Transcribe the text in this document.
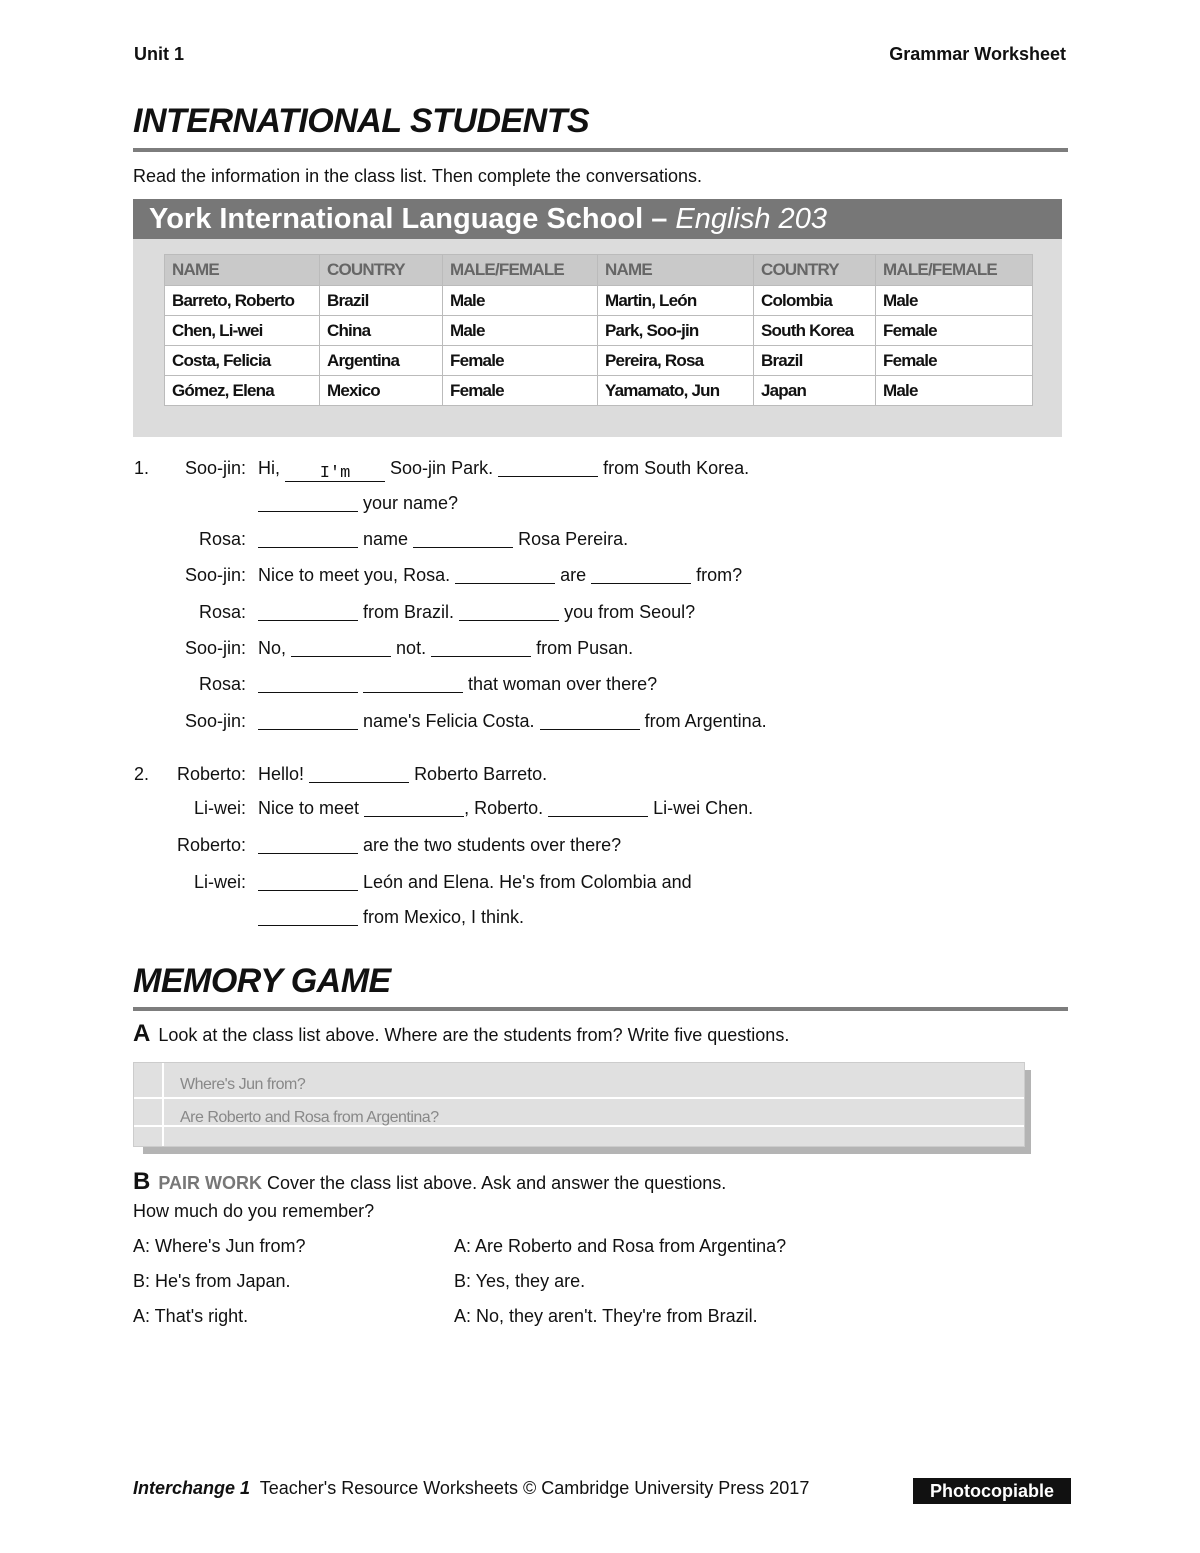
Unit 1	Grammar Worksheet
INTERNATIONAL STUDENTS
Read the information in the class list. Then complete the conversations.
York International Language School – English 203
NAME	COUNTRY	MALE/FEMALE	NAME	COUNTRY	MALE/FEMALE
Barreto, Roberto	Brazil	Male	Martin, León	Colombia	Male
Chen, Li-wei	China	Male	Park, Soo-jin	South Korea	Female
Costa, Felicia	Argentina	Female	Pereira, Rosa	Brazil	Female
Gómez, Elena	Mexico	Female	Yamamato, Jun	Japan	Male
1.	Soo-jin: Hi, I'm Soo-jin Park.	from South Korea.
your name?
Rosa:	name	Rosa Pereira.
Soo-jin: Nice to meet you, Rosa.	are	from?
Rosa:	from Brazil.	you from Seoul?
Soo-jin: No,	not.	from Pusan.
Rosa:	that woman over there?
Soo-jin:	name's Felicia Costa.	from Argentina.
2.	Roberto: Hello!	Roberto Barreto.
Li-wei: Nice to meet	, Roberto.	Li-wei Chen.
Roberto:	are the two students over there?
Li-wei:	León and Elena. He's from Colombia and
from Mexico, I think.
MEMORY GAME
A Look at the class list above. Where are the students from? Write five questions.
Where's Jun from?
Are Roberto and Rosa from Argentina?
B PAIR WORK Cover the class list above. Ask and answer the questions.
How much do you remember?
A: Where's Jun from?
B: He's from Japan.
A: That's right.
A: Are Roberto and Rosa from Argentina?
B: Yes, they are.
A: No, they aren't. They're from Brazil.
Interchange 1 Teacher's Resource Worksheets © Cambridge University Press 2017	Photocopiable
